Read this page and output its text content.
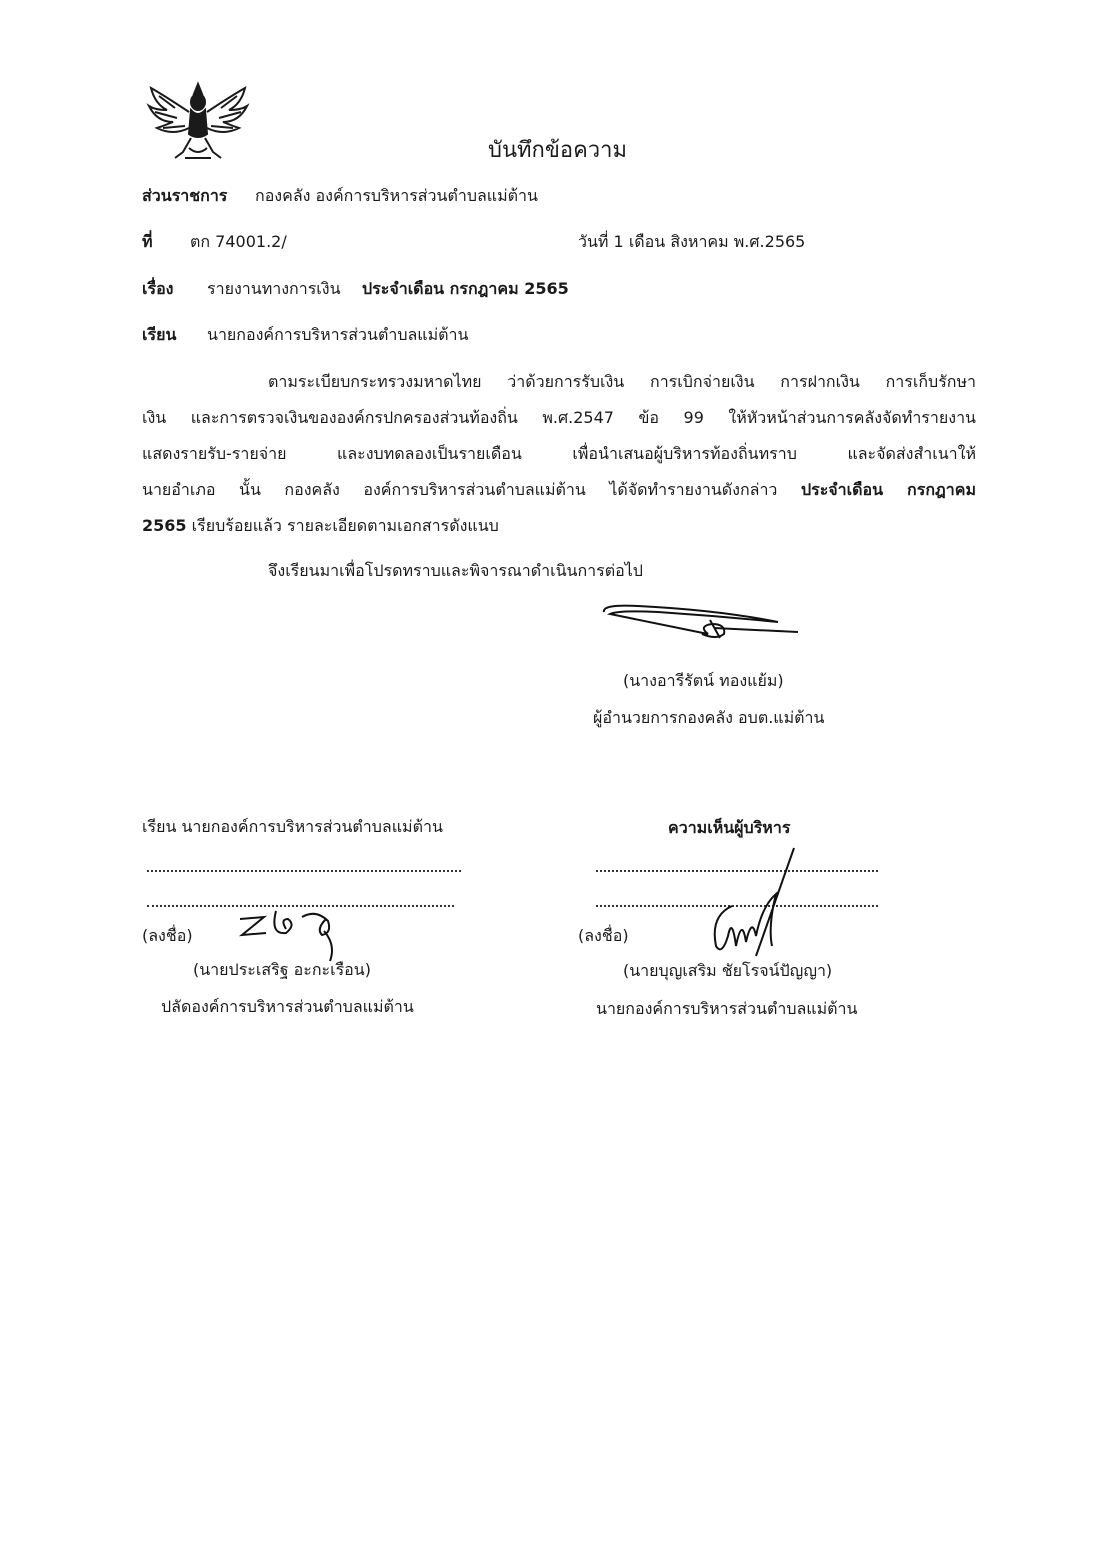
บันทึกข้อความ
ส่วนราชการ กองคลัง องค์การบริหารส่วนตำบลแม่ต้าน
ที่ ตก 74001.2/	วันที่ 1 เดือน สิงหาคม พ.ศ.2565
เรื่อง รายงานทางการเงิน ประจำเดือน กรกฎาคม 2565
เรียน นายกองค์การบริหารส่วนตำบลแม่ต้าน
ตามระเบียบกระทรวงมหาดไทย ว่าด้วยการรับเงิน การเบิกจ่ายเงิน การฝากเงิน การเก็บรักษา
เงิน และการตรวจเงินขององค์กรปกครองส่วนท้องถิ่น พ.ศ.2547 ข้อ 99 ให้หัวหน้าส่วนการคลังจัดทำรายงาน
แสดงรายรับ-รายจ่าย และงบทดลองเป็นรายเดือน เพื่อนำเสนอผู้บริหารท้องถิ่นทราบ และจัดส่งสำเนาให้
นายอำเภอ นั้น กองคลัง องค์การบริหารส่วนตำบลแม่ต้าน ได้จัดทำรายงานดังกล่าว ประจำเดือน กรกฎาคม
2565 เรียบร้อยแล้ว รายละเอียดตามเอกสารดังแนบ
จึงเรียนมาเพื่อโปรดทราบและพิจารณาดำเนินการต่อไป
(นางอารีรัตน์ ทองแย้ม)
ผู้อำนวยการกองคลัง อบต.แม่ต้าน
เรียน นายกองค์การบริหารส่วนตำบลแม่ต้าน
(ลงชื่อ)
(นายประเสริฐ อะกะเรือน)
ปลัดองค์การบริหารส่วนตำบลแม่ต้าน
ความเห็นผู้บริหาร
(ลงชื่อ)
(นายบุญเสริม ชัยโรจน์ปัญญา)
นายกองค์การบริหารส่วนตำบลแม่ต้าน
